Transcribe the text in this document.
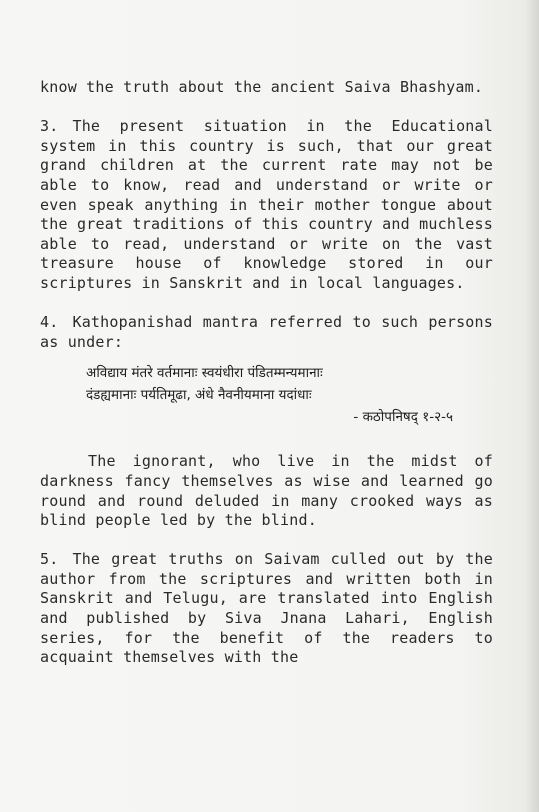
know the truth about the ancient Saiva Bhashyam.

3. The present situation in the Educational system in this country is such, that our great grand children at the current rate may not be able to know, read and understand or write or even speak anything in their mother tongue about the great traditions of this country and muchless able to read, understand or write on the vast treasure house of knowledge stored in our scriptures in Sanskrit and in local languages.

4. Kathopanishad mantra referred to such persons as under:

अविद्याय मंतरे वर्तमानाः स्वयंधीरा पंडितम्मन्यमानाः
दंडह्यमानाः पर्यतिमूढा, अंधे नैवनीयमाना यदांधाः
- कठोपनिषद् १-२-५

The ignorant, who live in the midst of darkness fancy themselves as wise and learned go round and round deluded in many crooked ways as blind people led by the blind.

5. The great truths on Saivam culled out by the author from the scriptures and written both in Sanskrit and Telugu, are translated into English and published by Siva Jnana Lahari, English series, for the benefit of the readers to acquaint themselves with the
